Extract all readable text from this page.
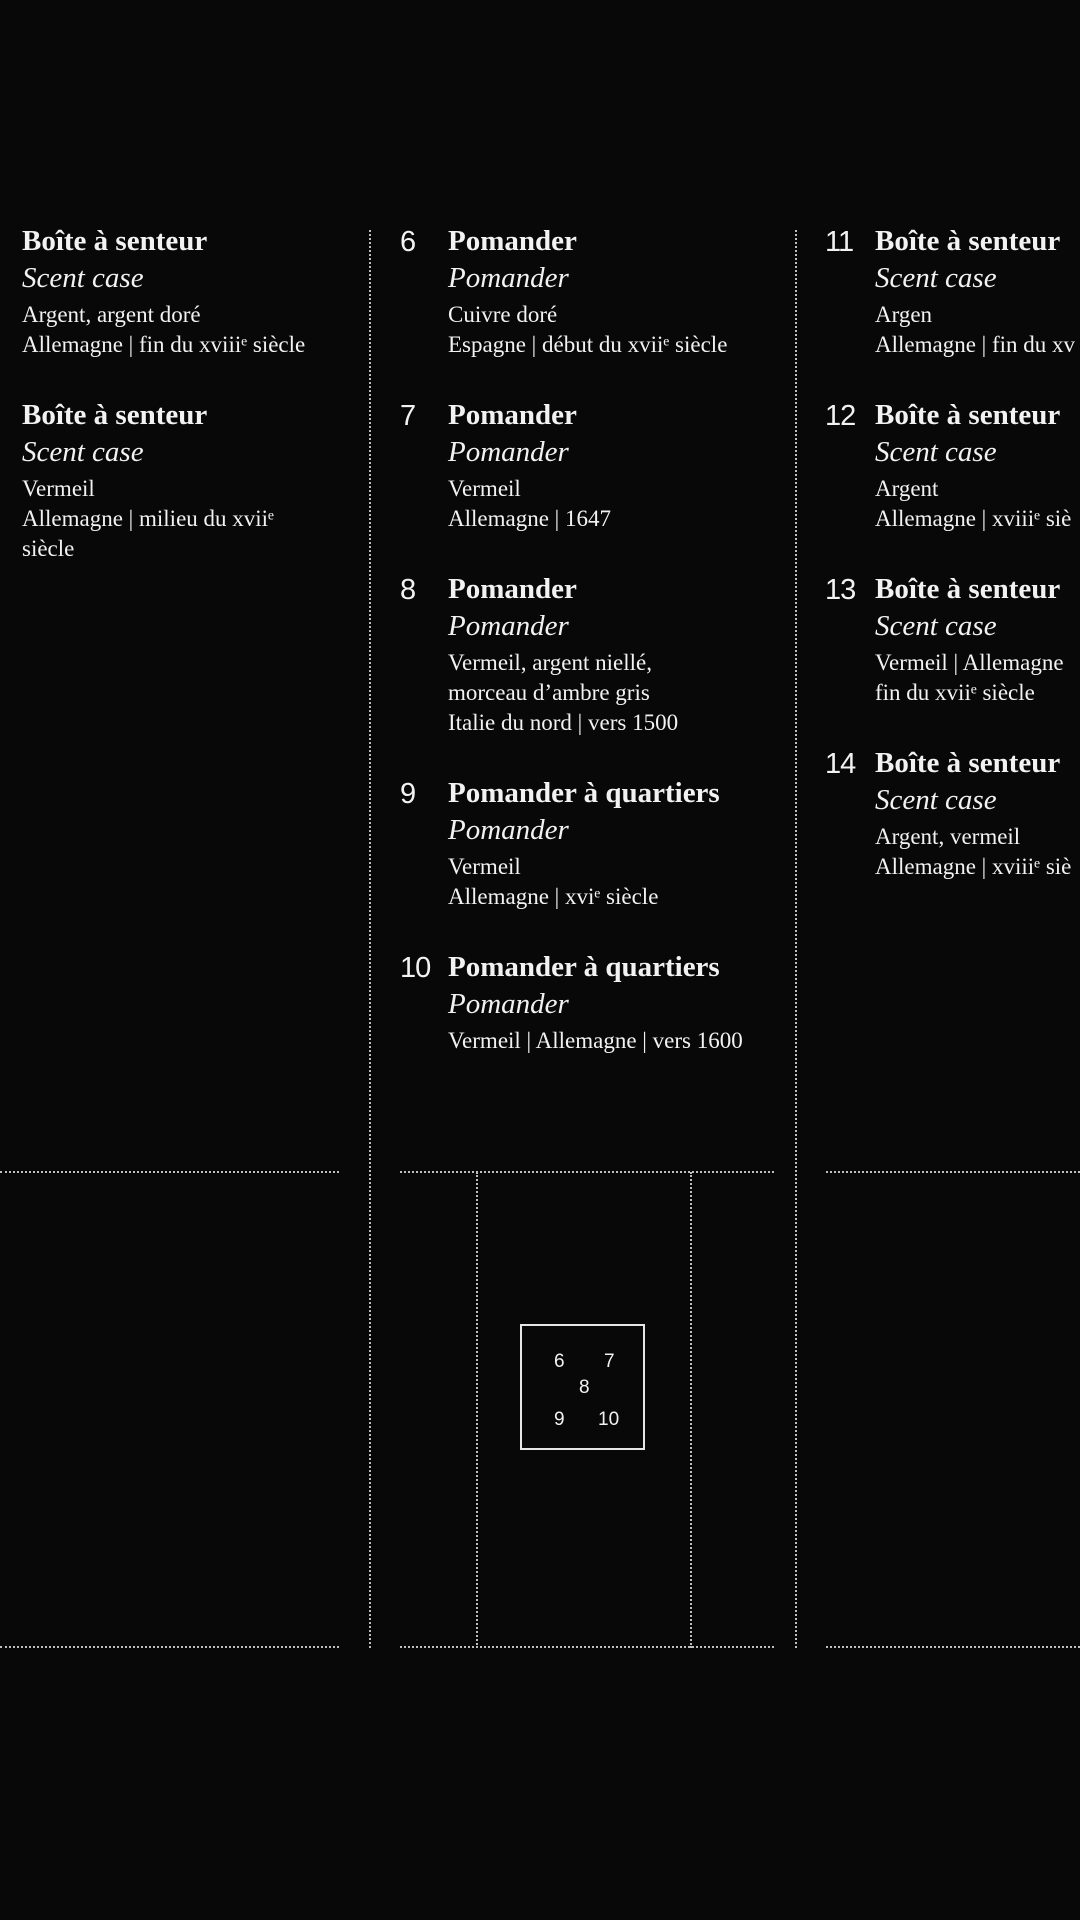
Boîte à senteur
Scent case
Argent, argent doré
Allemagne | fin du xviiiᵉ siècle
Boîte à senteur
Scent case
Vermeil
Allemagne | milieu du xviiᵉ siècle
6 Pomander
Pomander
Cuivre doré
Espagne | début du xviiᵉ siècle
7 Pomander
Pomander
Vermeil
Allemagne | 1647
8 Pomander
Pomander
Vermeil, argent niellé,
morceau d’ambre gris
Italie du nord | vers 1500
9 Pomander à quartiers
Pomander
Vermeil
Allemagne | xviᵉ siècle
10 Pomander à quartiers
Pomander
Vermeil | Allemagne | vers 1600
11 Boîte à senteur
Scent case
Argen
Allemagne | fin du xv
12 Boîte à senteur
Scent case
Argent
Allemagne | xviiiᵉ siè
13 Boîte à senteur
Scent case
Vermeil | Allemagne
fin du xviiᵉ siècle
14 Boîte à senteur
Scent case
Argent, vermeil
Allemagne | xviiiᵉ siè
6 7
8
9 10
